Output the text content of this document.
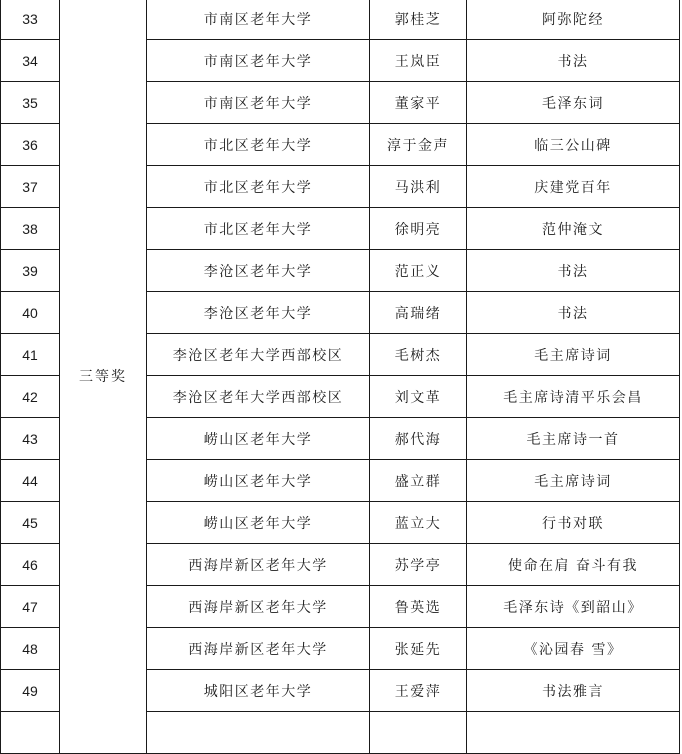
33	三等奖	市南区老年大学	郭桂芝	阿弥陀经
34		市南区老年大学	王岚臣	书法
35		市南区老年大学	董家平	毛泽东词
36		市北区老年大学	淳于金声	临三公山碑
37		市北区老年大学	马洪利	庆建党百年
38		市北区老年大学	徐明亮	范仲淹文
39		李沧区老年大学	范正义	书法
40		李沧区老年大学	高瑞绪	书法
41		李沧区老年大学西部校区	毛树杰	毛主席诗词
42		李沧区老年大学西部校区	刘文革	毛主席诗清平乐会昌
43		崂山区老年大学	郝代海	毛主席诗一首
44		崂山区老年大学	盛立群	毛主席诗词
45		崂山区老年大学	蓝立大	行书对联
46		西海岸新区老年大学	苏学亭	使命在肩 奋斗有我
47		西海岸新区老年大学	鲁英选	毛泽东诗《到韶山》
48		西海岸新区老年大学	张延先	《沁园春 雪》
49		城阳区老年大学	王爱萍	书法雅言
